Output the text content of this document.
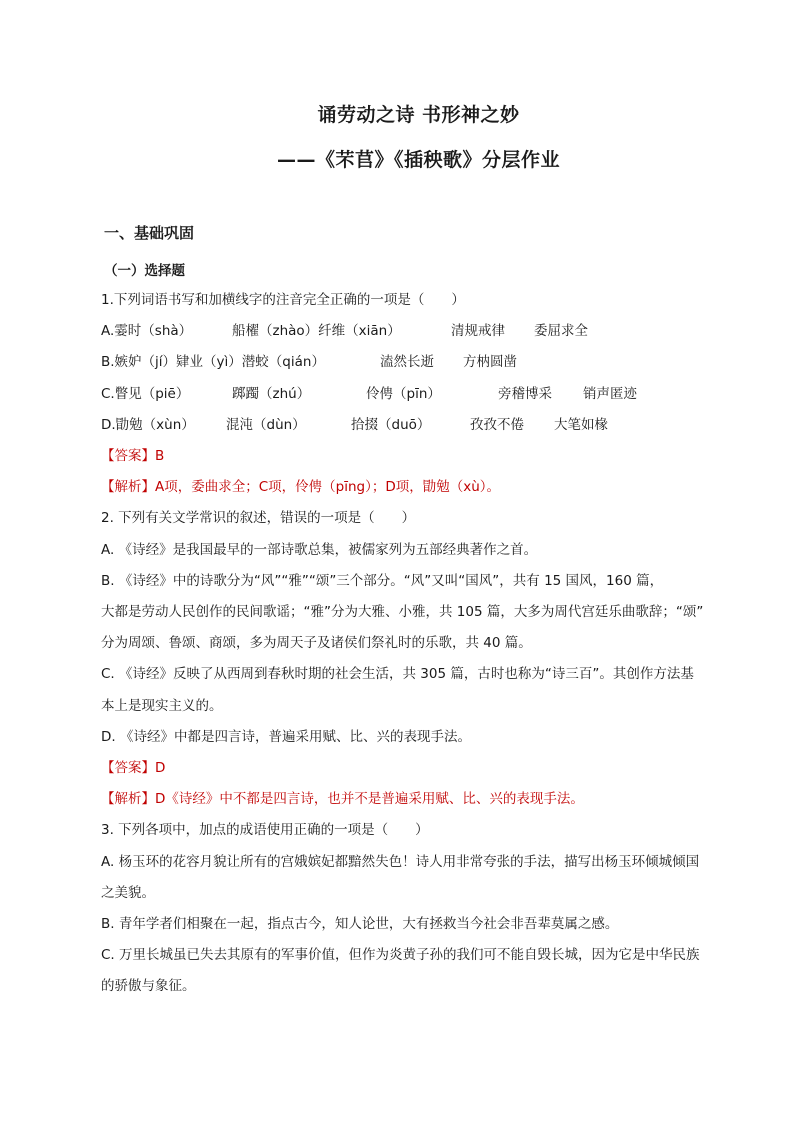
诵劳动之诗 书形神之妙
——《芣苢》《插秧歌》分层作业
一、基础巩固
（一）选择题
1.下列词语书写和加横线字的注音完全正确的一项是（　　）
A.霎时（shà）	船櫂（zhào）纤维（xiān）	清规戒律 委屈求全
B.嫉妒（jí）肄业（yì）潜蛟（qián）	溘然长逝 方枘圆凿
C.瞥见（piē）	踯躅（zhú）	伶俜（pīn）	旁稽博采 销声匿迹
D.勖勉（xùn） 混沌（dùn）	拾掇（duō）	孜孜不倦 大笔如椽
【答案】B
【解析】A项，委曲求全；C项，伶俜（pīng）；D项，勖勉（xù）。
2. 下列有关文学常识的叙述，错误的一项是（　　）
A. 《诗经》是我国最早的一部诗歌总集，被儒家列为五部经典著作之首。
B. 《诗经》中的诗歌分为“风”“雅”“颂”三个部分。“风”又叫“国风”，共有 15 国风，160 篇，
大都是劳动人民创作的民间歌谣；“雅”分为大雅、小雅，共 105 篇，大多为周代宫廷乐曲歌辞；“颂”
分为周颂、鲁颂、商颂，多为周天子及诸侯们祭礼时的乐歌，共 40 篇。
C. 《诗经》反映了从西周到春秋时期的社会生活，共 305 篇，古时也称为“诗三百”。其创作方法基
本上是现实主义的。
D. 《诗经》中都是四言诗，普遍采用赋、比、兴的表现手法。
【答案】D
【解析】D《诗经》中不都是四言诗，也并不是普遍采用赋、比、兴的表现手法。
3. 下列各项中，加点的成语使用正确的一项是（　　）
A. 杨玉环的花容月貌让所有的宫娥嫔妃都黯然失色！诗人用非常夸张的手法，描写出杨玉环倾城倾国
之美貌。
B. 青年学者们相聚在一起，指点古今，知人论世，大有拯救当今社会非吾辈莫属之感。
C. 万里长城虽已失去其原有的军事价值，但作为炎黄子孙的我们可不能自毁长城，因为它是中华民族
的骄傲与象征。
